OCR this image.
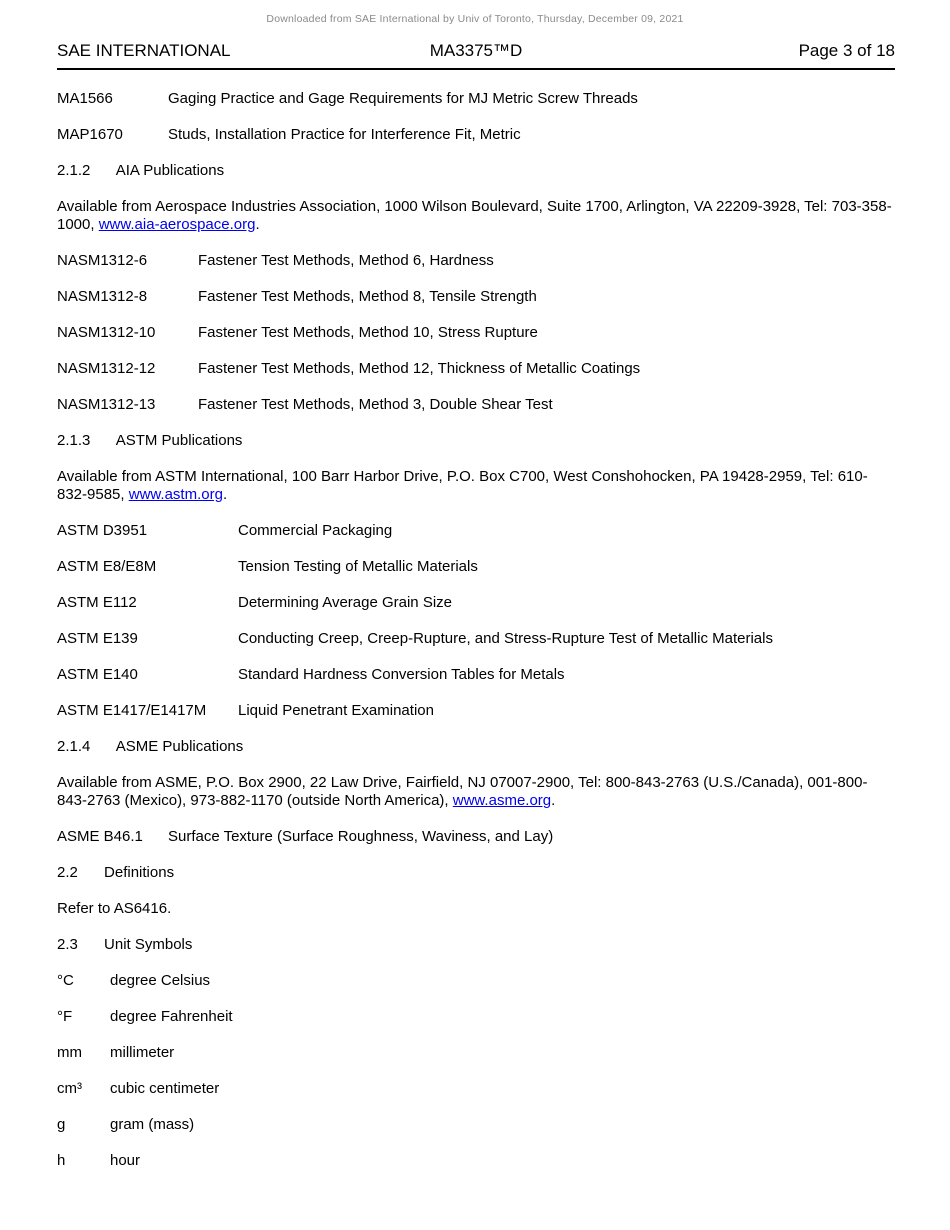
Downloaded from SAE International by Univ of Toronto, Thursday, December 09, 2021
SAE INTERNATIONAL	MA3375™D	Page 3 of 18
MA1566	Gaging Practice and Gage Requirements for MJ Metric Screw Threads
MAP1670	Studs, Installation Practice for Interference Fit, Metric
2.1.2 AIA Publications

Available from Aerospace Industries Association, 1000 Wilson Boulevard, Suite 1700, Arlington, VA 22209-3928, Tel: 703-358-1000, www.aia-aerospace.org.

NASM1312-6	Fastener Test Methods, Method 6, Hardness
NASM1312-8	Fastener Test Methods, Method 8, Tensile Strength
NASM1312-10	Fastener Test Methods, Method 10, Stress Rupture
NASM1312-12	Fastener Test Methods, Method 12, Thickness of Metallic Coatings
NASM1312-13	Fastener Test Methods, Method 3, Double Shear Test
2.1.3 ASTM Publications

Available from ASTM International, 100 Barr Harbor Drive, P.O. Box C700, West Conshohocken, PA 19428-2959, Tel: 610-832-9585, www.astm.org.

ASTM D3951	Commercial Packaging
ASTM E8/E8M	Tension Testing of Metallic Materials
ASTM E112	Determining Average Grain Size
ASTM E139	Conducting Creep, Creep-Rupture, and Stress-Rupture Test of Metallic Materials
ASTM E140	Standard Hardness Conversion Tables for Metals
ASTM E1417/E1417M	Liquid Penetrant Examination
2.1.4 ASME Publications

Available from ASME, P.O. Box 2900, 22 Law Drive, Fairfield, NJ 07007-2900, Tel: 800-843-2763 (U.S./Canada), 001-800-843-2763 (Mexico), 973-882-1170 (outside North America), www.asme.org.

ASME B46.1	Surface Texture (Surface Roughness, Waviness, and Lay)
2.2 Definitions

Refer to AS6416.

2.3 Unit Symbols
°C	degree Celsius
°F	degree Fahrenheit
mm	millimeter
cm³	cubic centimeter
g	gram (mass)
h	hour
